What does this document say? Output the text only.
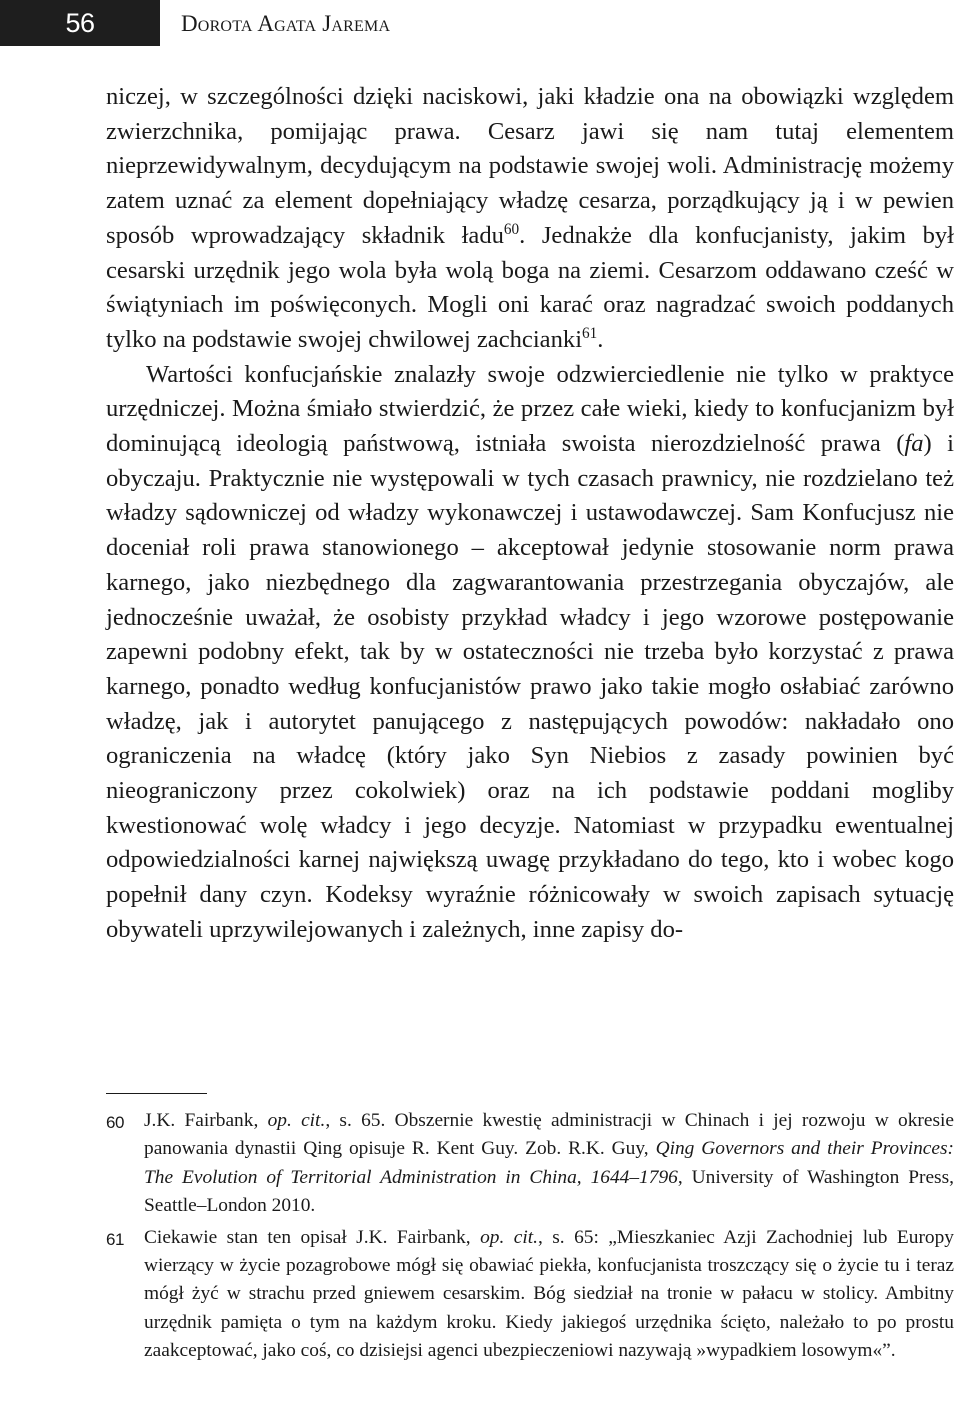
56	Dorota Agata Jarema

niczej, w szczególności dzięki naciskowi, jaki kładzie ona na obowiązki względem zwierzchnika, pomijając prawa. Cesarz jawi się nam tutaj elementem nieprzewidywalnym, decydującym na podstawie swojej woli. Administrację możemy zatem uznać za element dopełniający władzę cesarza, porządkujący ją i w pewien sposób wprowadzający składnik ładu$^{60}$. Jednakże dla konfucjanisty, jakim był cesarski urzędnik jego wola była wolą boga na ziemi. Cesarzom oddawano cześć w świątyniach im poświęconych. Mogli oni karać oraz nagradzać swoich poddanych tylko na podstawie swojej chwilowej zachcianki$^{61}$.

Wartości konfucjańskie znalazły swoje odzwierciedlenie nie tylko w praktyce urzędniczej. Można śmiało stwierdzić, że przez całe wieki, kiedy to konfucjanizm był dominującą ideologią państwową, istniała swoista nierozdzielność prawa (fa) i obyczaju. Praktycznie nie występowali w tych czasach prawnicy, nie rozdzielano też władzy sądowniczej od władzy wykonawczej i ustawodawczej. Sam Konfucjusz nie doceniał roli prawa stanowionego – akceptował jedynie stosowanie norm prawa karnego, jako niezbędnego dla zagwarantowania przestrzegania obyczajów, ale jednocześnie uważał, że osobisty przykład władcy i jego wzorowe postępowanie zapewni podobny efekt, tak by w ostateczności nie trzeba było korzystać z prawa karnego, ponadto według konfucjanistów prawo jako takie mogło osłabiać zarówno władzę, jak i autorytet panującego z następujących powodów: nakładało ono ograniczenia na władcę (który jako Syn Niebios z zasady powinien być nieograniczony przez cokolwiek) oraz na ich podstawie poddani mogliby kwestionować wolę władcy i jego decyzje. Natomiast w przypadku ewentualnej odpowiedzialności karnej największą uwagę przykładano do tego, kto i wobec kogo popełnił dany czyn. Kodeksy wyraźnie różnicowały w swoich zapisach sytuację obywateli uprzywilejowanych i zależnych, inne zapisy do-

60	J.K. Fairbank, op. cit., s. 65. Obszernie kwestię administracji w Chinach i jej rozwoju w okresie panowania dynastii Qing opisuje R. Kent Guy. Zob. R.K. Guy, Qing Governors and their Provinces: The Evolution of Territorial Administration in China, 1644–1796, University of Washington Press, Seattle–London 2010.
61	Ciekawie stan ten opisał J.K. Fairbank, op. cit., s. 65: „Mieszkaniec Azji Zachodniej lub Europy wierzący w życie pozagrobowe mógł się obawiać piekła, konfucjanista troszczący się o życie tu i teraz mógł żyć w strachu przed gniewem cesarskim. Bóg siedział na tronie w pałacu w stolicy. Ambitny urzędnik pamięta o tym na każdym kroku. Kiedy jakiegoś urzędnika ścięto, należało to po prostu zaakceptować, jako coś, co dzisiejsi agenci ubezpieczeniowi nazywają »wypadkiem losowym«”.
